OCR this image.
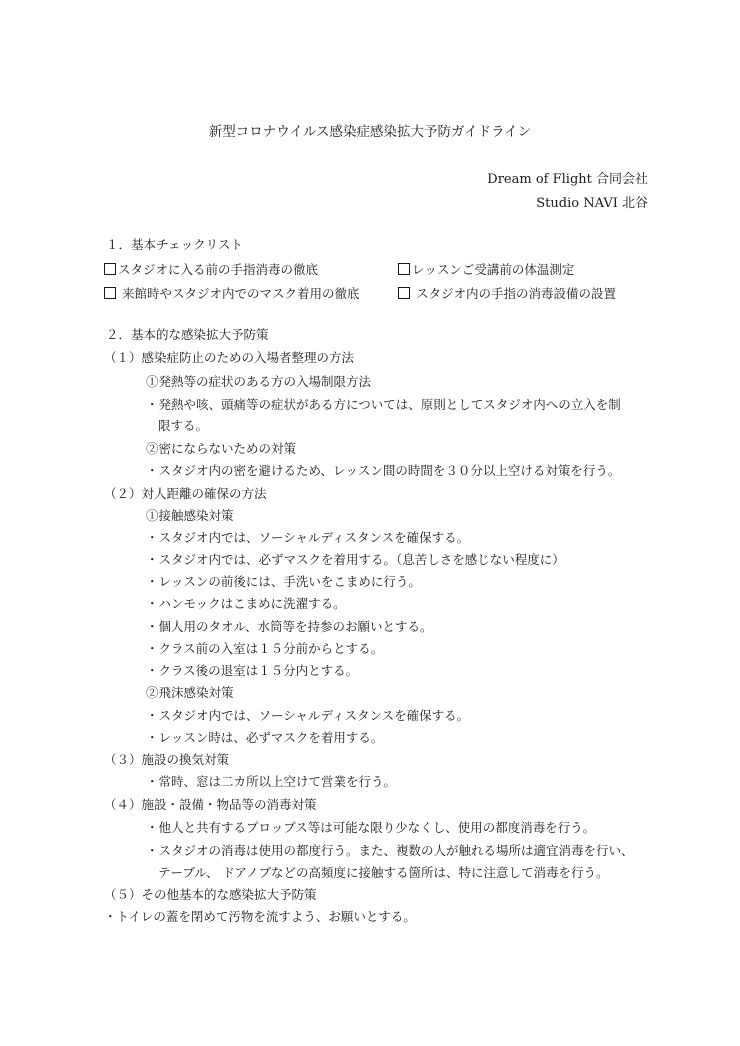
新型コロナウイルス感染症感染拡大予防ガイドライン
Dream of Flight 合同会社
Studio NAVI 北谷
１．基本チェックリスト
スタジオに入る前の手指消毒の徹底	レッスンご受講前の体温測定
来館時やスタジオ内でのマスク着用の徹底	スタジオ内の手指の消毒設備の設置
２．基本的な感染拡大予防策
（１）感染症防止のための入場者整理の方法
①発熱等の症状のある方の入場制限方法
・発熱や咳、頭痛等の症状がある方については、原則としてスタジオ内への立入を制
限する。
②密にならないための対策
・スタジオ内の密を避けるため、レッスン間の時間を３０分以上空ける対策を行う。
（２）対人距離の確保の方法
①接触感染対策
・スタジオ内では、ソーシャルディスタンスを確保する。
・スタジオ内では、必ずマスクを着用する。（息苦しさを感じない程度に）
・レッスンの前後には、手洗いをこまめに行う。
・ハンモックはこまめに洗濯する。
・個人用のタオル、水筒等を持参のお願いとする。
・クラス前の入室は１５分前からとする。
・クラス後の退室は１５分内とする。
②飛沫感染対策
・スタジオ内では、ソーシャルディスタンスを確保する。
・レッスン時は、必ずマスクを着用する。
（３）施設の換気対策
・常時、窓は二カ所以上空けて営業を行う。
（４）施設・設備・物品等の消毒対策
・他人と共有するプロップス等は可能な限り少なくし、使用の都度消毒を行う。
・スタジオの消毒は使用の都度行う。また、複数の人が触れる場所は適宜消毒を行い、
テーブル、 ドアノブなどの高頻度に接触する箇所は、特に注意して消毒を行う。
（５）その他基本的な感染拡大予防策
・トイレの蓋を閉めて汚物を流すよう、お願いとする。
